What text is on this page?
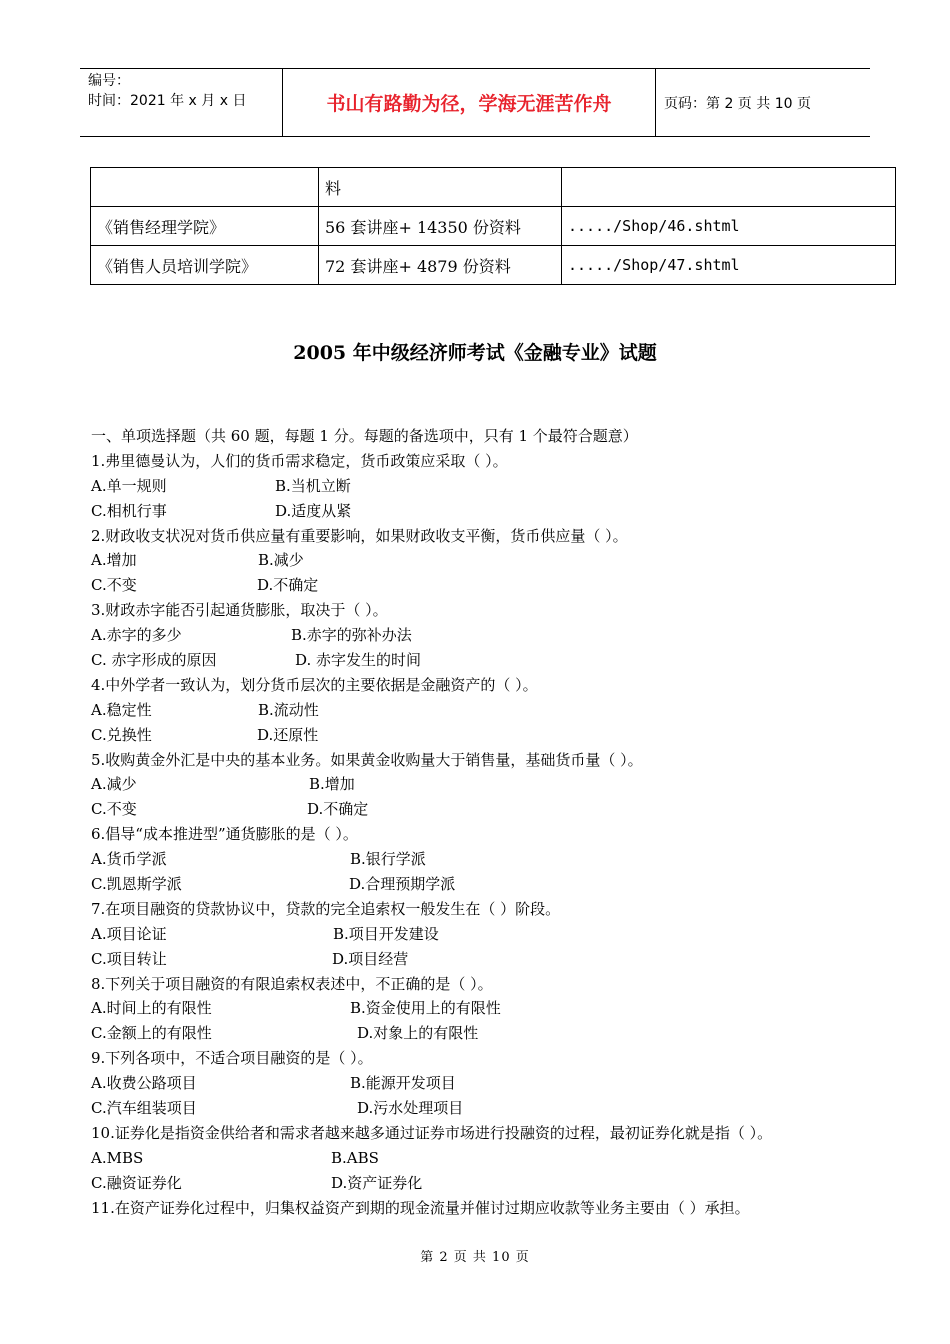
编号：
时间：2021 年 x 月 x 日	书山有路勤为径，学海无涯苦作舟	页码：第 2 页 共 10 页
	料	
《销售经理学院》	56 套讲座+ 14350 份资料	...../Shop/46.shtml
《销售人员培训学院》	72 套讲座+ 4879 份资料	...../Shop/47.shtml
2005 年中级经济师考试《金融专业》试题
一、单项选择题（共 60 题，每题 1 分。每题的备选项中，只有 1 个最符合题意）
1.弗里德曼认为，人们的货币需求稳定，货币政策应采取（ ）。
A.单一规则	B.当机立断
C.相机行事	D.适度从紧
2.财政收支状况对货币供应量有重要影响，如果财政收支平衡，货币供应量（ ）。
A.增加	B.减少
C.不变	D.不确定
3.财政赤字能否引起通货膨胀，取决于（ ）。
A.赤字的多少	B.赤字的弥补办法
C. 赤字形成的原因	D. 赤字发生的时间
4.中外学者一致认为，划分货币层次的主要依据是金融资产的（ ）。
A.稳定性	B.流动性
C.兑换性	D.还原性
5.收购黄金外汇是中央的基本业务。如果黄金收购量大于销售量，基础货币量（ ）。
A.减少	B.增加
C.不变	D.不确定
6.倡导“成本推进型”通货膨胀的是（ ）。
A.货币学派	B.银行学派
C.凯恩斯学派	D.合理预期学派
7.在项目融资的贷款协议中，贷款的完全追索权一般发生在（ ）阶段。
A.项目论证	B.项目开发建设
C.项目转让	D.项目经营
8.下列关于项目融资的有限追索权表述中，不正确的是（ ）。
A.时间上的有限性	B.资金使用上的有限性
C.金额上的有限性	D.对象上的有限性
9.下列各项中，不适合项目融资的是（ ）。
A.收费公路项目	B.能源开发项目
C.汽车组装项目	D.污水处理项目
10.证券化是指资金供给者和需求者越来越多通过证券市场进行投融资的过程，最初证券化就是指（ ）。
A.MBS	B.ABS
C.融资证券化	D.资产证券化
11.在资产证券化过程中，归集权益资产到期的现金流量并催讨过期应收款等业务主要由（ ）承担。
第 2 页 共 10 页
